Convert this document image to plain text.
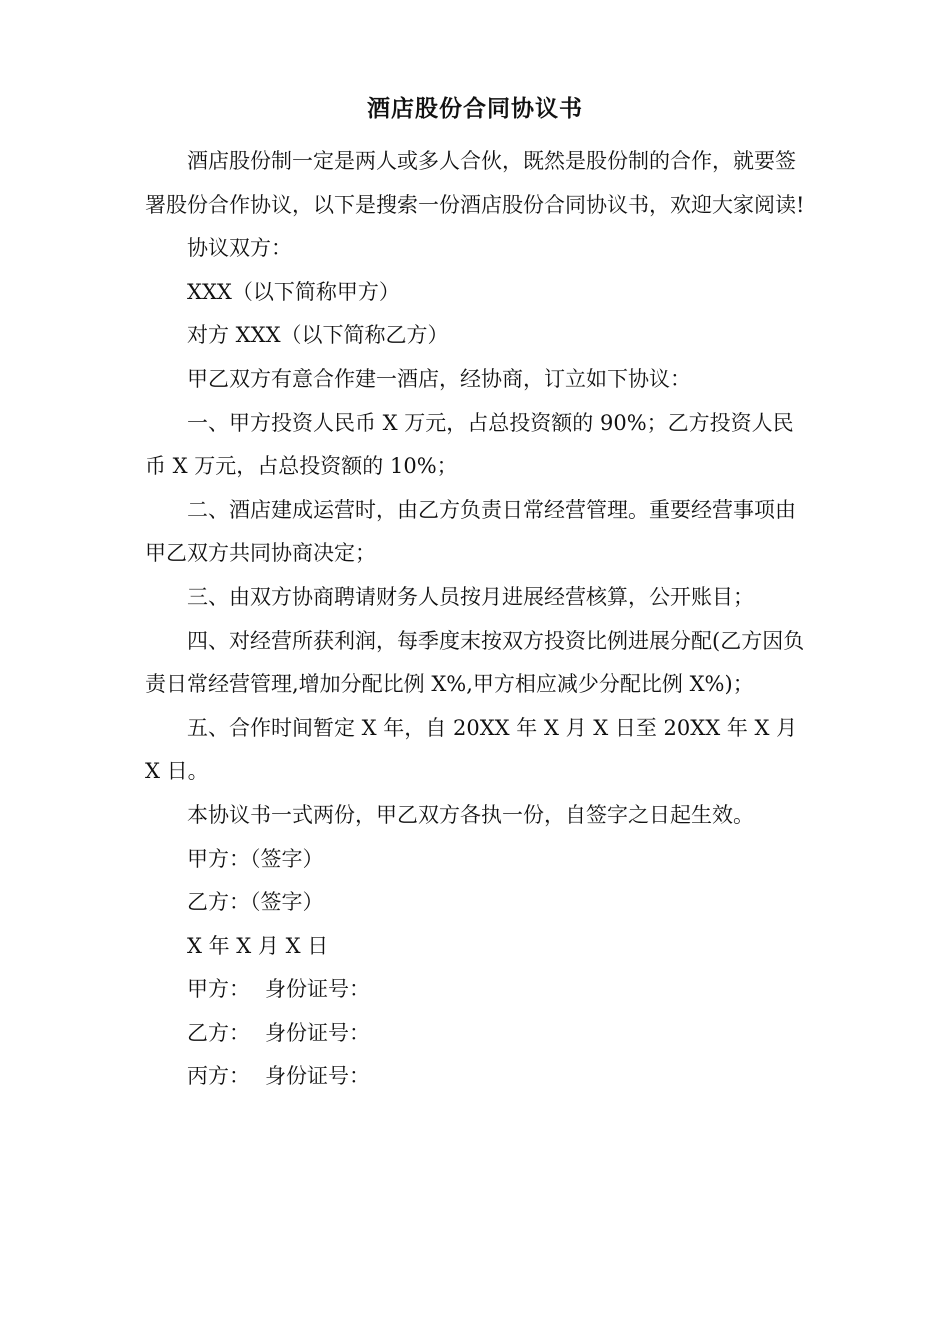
酒店股份合同协议书

酒店股份制一定是两人或多人合伙，既然是股份制的合作，就要签署股份合作协议，以下是搜索一份酒店股份合同协议书，欢迎大家阅读!

协议双方：

XXX（以下简称甲方）

对方 XXX（以下简称乙方）

甲乙双方有意合作建一酒店，经协商，订立如下协议：

一、甲方投资人民币 X 万元，占总投资额的 90%；乙方投资人民币 X 万元，占总投资额的 10%；

二、酒店建成运营时，由乙方负责日常经营管理。重要经营事项由甲乙双方共同协商决定；

三、由双方协商聘请财务人员按月进展经营核算，公开账目；

四、对经营所获利润，每季度末按双方投资比例进展分配(乙方因负责日常经营管理,增加分配比例 X%,甲方相应减少分配比例 X%)；

五、合作时间暂定 X 年，自 20XX 年 X 月 X 日至 20XX 年 X 月 X 日。

本协议书一式两份，甲乙双方各执一份，自签字之日起生效。

甲方：（签字）

乙方：（签字）

X 年 X 月 X 日

甲方： 身份证号：

乙方： 身份证号：

丙方： 身份证号：
